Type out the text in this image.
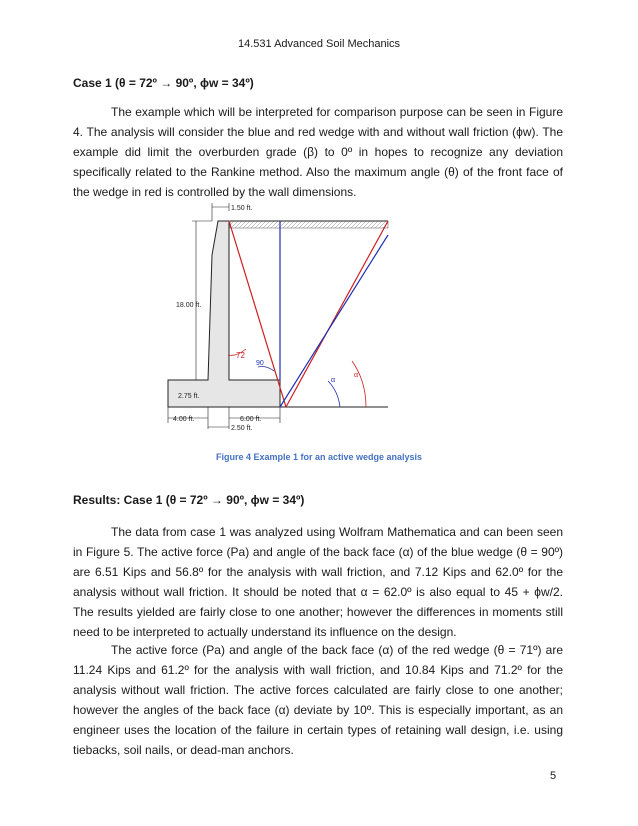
14.531 Advanced Soil Mechanics
Case 1 (θ = 72º → 90º, ϕw = 34º)

The example which will be interpreted for comparison purpose can be seen in Figure 4. The analysis will consider the blue and red wedge with and without wall friction (ϕw). The example did limit the overburden grade (β) to 0º in hopes to recognize any deviation specifically related to the Rankine method. Also the maximum angle (θ) of the front face of the wedge in red is controlled by the wall dimensions.

72
90
α
α
1.50 ft.
18.00 ft.
2.75 ft.
4.00 ft.	6.00 ft.
2.50 ft.
Figure 4 Example 1 for an active wedge analysis
Results: Case 1 (θ = 72º → 90º, ϕw = 34º)

The data from case 1 was analyzed using Wolfram Mathematica and can been seen in Figure 5. The active force (Pa) and angle of the back face (α) of the blue wedge (θ = 90º) are 6.51 Kips and 56.8º for the analysis with wall friction, and 7.12 Kips and 62.0º for the analysis without wall friction. It should be noted that α = 62.0º is also equal to 45 + ϕw/2. The results yielded are fairly close to one another; however the differences in moments still need to be interpreted to actually understand its influence on the design.

The active force (Pa) and angle of the back face (α) of the red wedge (θ = 71º) are 11.24 Kips and 61.2º for the analysis with wall friction, and 10.84 Kips and 71.2º for the analysis without wall friction. The active forces calculated are fairly close to one another; however the angles of the back face (α) deviate by 10º. This is especially important, as an engineer uses the location of the failure in certain types of retaining wall design, i.e. using tiebacks, soil nails, or dead-man anchors.

5
